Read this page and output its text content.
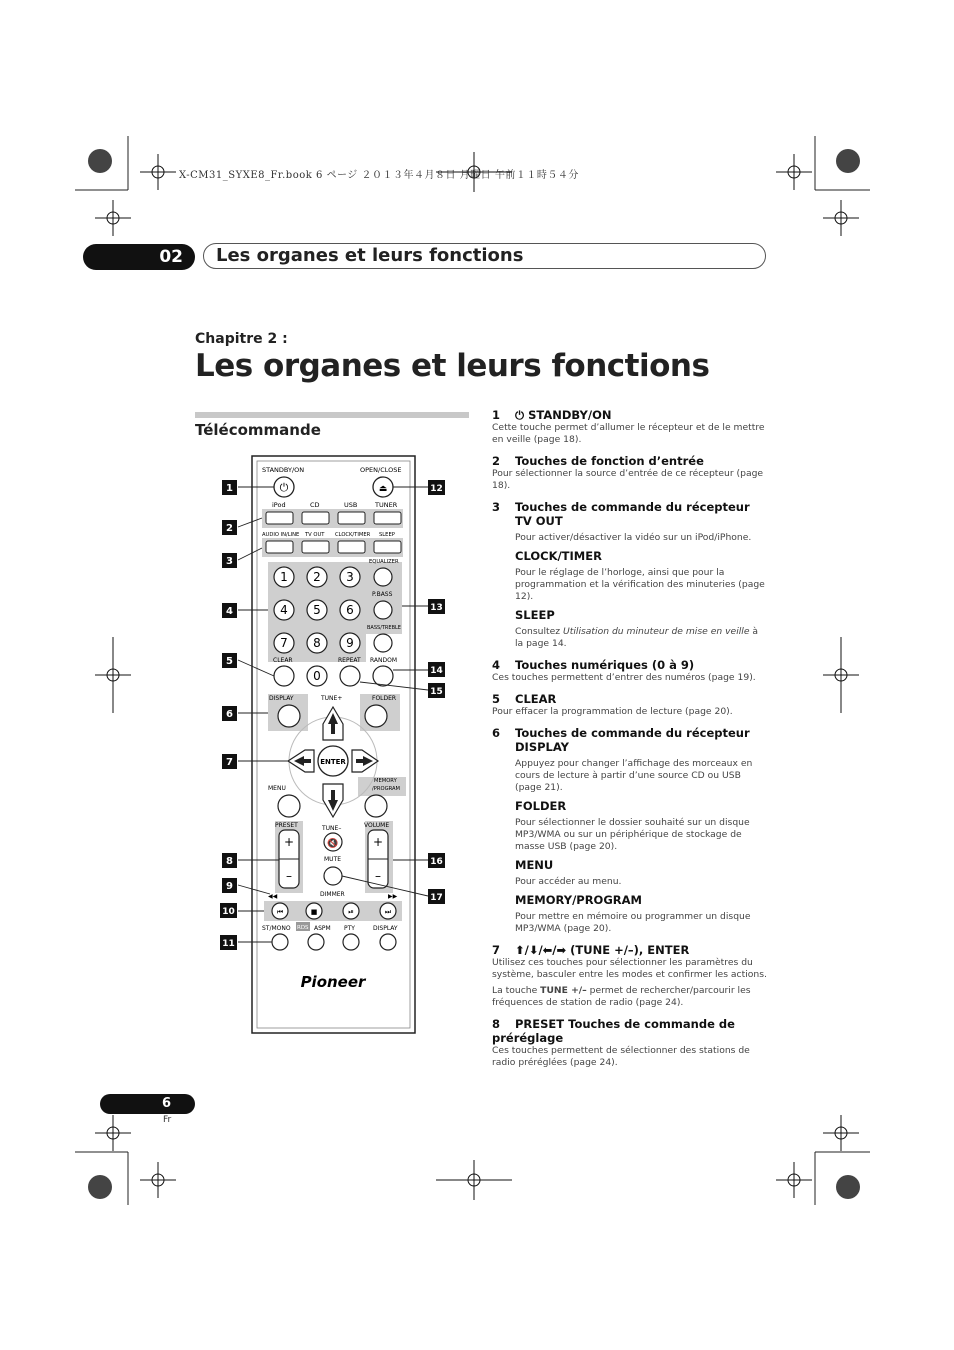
X-CM31_SYXE8_Fr.book 6 ページ ２０１３年４月８日 月曜日 午前１１時５４分
02	Les organes et leurs fonctions
Chapitre 2 :
Les organes et leurs fonctions
Télécommande
⏻
STANDBY/ON
⏏
OPEN/CLOSE
iPod	CD	USB	TUNER
AUDIO IN/LINE TV OUT CLOCK/TIMER SLEEP
1 2 3
4 5 6
7 8 9
0
EQUALIZER
P.BASS
BASS/TREBLE
CLEAR	REPEAT RANDOM
DISPLAY	TUNE+	FOLDER
ENTER
MENU
MEMORY
/PROGRAM
PRESET	TUNE–	VOLUME
+
–
+
–
🔇
MUTE
DIMMER
◀◀	▶▶
⏮	■	⏯	⏭
ST/MONO RDS ASPM PTY	DISPLAY
Pioneer
1
2
3
4
5
6
7
8
9
10
11
12
13
14
15
16
17
1 ⏻ STANDBY/ON
Cette touche permet d’allumer le récepteur et de le mettre en veille (page 18).
2 Touches de fonction d’entrée
Pour sélectionner la source d’entrée de ce récepteur (page 18).
3 Touches de commande du récepteur
TV OUT
Pour activer/désactiver la vidéo sur un iPod/iPhone.
CLOCK/TIMER
Pour le réglage de l’horloge, ainsi que pour la programmation et la vérification des minuteries (page 12).
SLEEP
Consultez Utilisation du minuteur de mise en veille à la page 14.
4 Touches numériques (0 à 9)
Ces touches permettent d’entrer des numéros (page 19).
5 CLEAR
Pour effacer la programmation de lecture (page 20).
6 Touches de commande du récepteur
DISPLAY
Appuyez pour changer l’affichage des morceaux en cours de lecture à partir d’une source CD ou USB (page 21).
FOLDER
Pour sélectionner le dossier souhaité sur un disque MP3/WMA ou sur un périphérique de stockage de masse USB (page 20).
MENU
Pour accéder au menu.
MEMORY/PROGRAM
Pour mettre en mémoire ou programmer un disque MP3/WMA (page 20).
7 ⬆/⬇/⬅/➡ (TUNE +/–), ENTER
Utilisez ces touches pour sélectionner les paramètres du système, basculer entre les modes et confirmer les actions.
La touche TUNE +/– permet de rechercher/parcourir les fréquences de station de radio (page 24).
8 PRESET Touches de commande de préréglage
Ces touches permettent de sélectionner des stations de radio préréglées (page 24).
6
Fr
